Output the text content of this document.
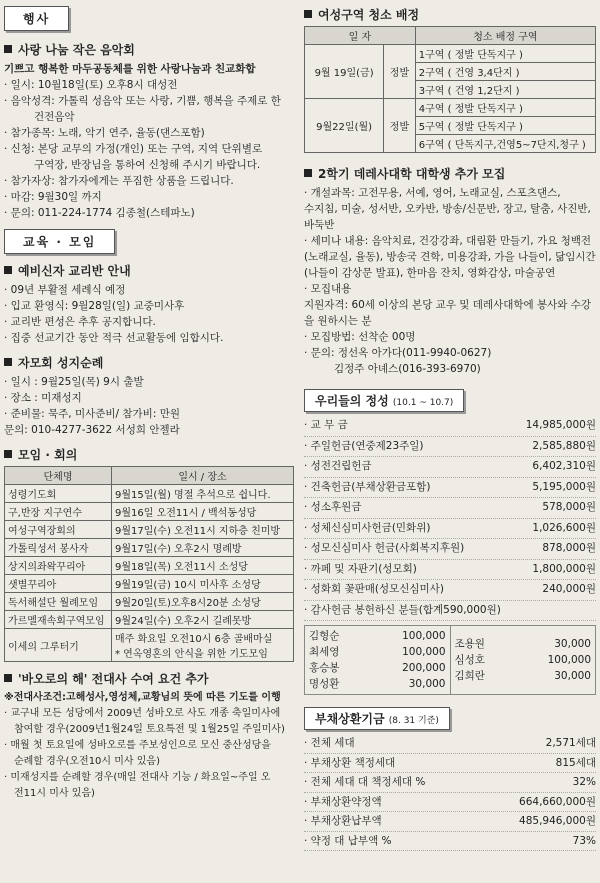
행사
사랑 나눔 작은 음악회
기쁘고 행복한 마두공동체를 위한 사랑나눔과 친교화합
· 일시: 10월18일(토) 오후8시 대성전
· 음악성격: 가톨릭 성음악 또는 사랑, 기쁨, 행복을 주제로 한
건전음악
· 참가종목: 노래, 악기 연주, 율동(댄스포함)
· 신청: 본당 교무의 가정(개인) 또는 구역, 지역 단위별로
구역장, 반장님을 통하여 신청해 주시기 바랍니다.
· 참가자상: 참가자에게는 푸짐한 상품을 드립니다.
· 마감: 9월30일 까지
· 문의: 011-224-1774 김종철(스테파노)
교육 · 모임
예비신자 교리반 안내
· 09년 부활절 세례식 예정
· 입교 환영식: 9월28일(일) 교중미사후
· 교리반 편성은 추후 공지합니다.
· 집중 선교기간 동안 적극 선교활동에 임합시다.
자모회 성지순례
· 일시 : 9월25일(목) 9시 출발
· 장소 : 미재성지
· 준비물: 묵주, 미사준비/ 참가비: 만원
문의: 010-4277-3622 서성희 안젤라
모임 · 회의
단체명	일시 / 장소
성령기도회	9월15일(월) 명절 추석으로 쉽니다.
구,반장 지구연수	9월16일 오전11시 / 백석동성당
여성구역장회의	9월17일(수) 오전11시 지하층 친미방
가톨릭성서 봉사자	9월17일(수) 오후2시 명례방
상지의좌왁꾸리아	9월18일(목) 오전11시 소성당
샛별꾸리아	9월19일(금) 10시 미사후 소성당
독서해설단 월례모임	9월20일(토)오후8시20분 소성당
가르멜재속회구역모임	9월24일(수) 오후2시 길례못방
이세의 그루터기	매주 화요일 오전10시 6층 골배마실
* 연옥영혼의 안식을 위한 기도모임
'바오로의 해' 전대사 수여 요건 추가
※전대사조건:고해성사,영성체,교황님의 뜻에 따른 기도를 이행
· 교구내 모든 성당에서 2009년 성바오로 사도 개종 축일미사에
참여할 경우(2009년1월24일 토요특전 및 1월25일 주일미사)
· 매월 첫 토요일에 성바오로를 주보성인으로 모신 중산성당을
순례할 경우(오전10시 미사 있음)
· 미재성지를 순례할 경우(매일 전대사 기능 / 화요일~주일 오
전11시 미사 있음)
여성구역 청소 배정
일 자		청소 배정 구역
9월 19일(금)	정발	1구역 ( 정발 단독지구 )
		2구역 ( 건영 3,4단지 )
		3구역 ( 건영 1,2단지 )
9월22일(월)	정발	4구역 ( 정발 단독지구 )
		5구역 ( 정발 단독지구 )
		6구역 ( 단독지구,건영5~7단지,청구 )
2학기 데레사대학 대학생 추가 모집
· 개설과목: 고전무용, 서예, 영어, 노래교실, 스포츠댄스,
수지침, 미술, 성서반, 오카반, 방송/신문반, 장고, 탈춤, 사진반,
바둑반
· 세미나 내용: 음악치료, 건강강좌, 대림환 만들기, 가요 청백전
(노래교실, 율동), 방송국 견학, 미용강좌, 가을 나들이, 닮임시간
(나들이 감상문 발표), 한마음 잔치, 영화감상, 마술공연
· 모집내용
지원자격: 60세 이상의 본당 교우 및 데레사대학에 봉사와 수강
을 원하시는 분
· 모집방법: 선착순 00명
· 문의: 정선옥 아가다(011-9940-0627)
김정주 아녜스(016-393-6970)
우리들의 정성 (10.1 ~ 10.7)
· 교 무 금	14,985,000원
· 주일헌금(연중제23주일)	2,585,880원
· 성전건립헌금	6,402,310원
· 건축헌금(부채상환금포함)	5,195,000원
· 성소후원금	578,000원
· 성체신심미사헌금(민화위)	1,026,600원
· 성모신심미사 헌금(사회복지후원)	878,000원
· 까페 및 자판기(성모회)	1,800,000원
· 성화회 꽃판매(성모신심미사)	240,000원
· 감사헌금 봉헌하신 분들(합계590,000원)
김형순	100,000
최세영	100,000
홍승봉	200,000
명성환	30,000
조용원	30,000
심성호	100,000
김희란	30,000
부채상환기금 (8. 31 기준)
· 전체 세대	2,571세대
· 부채상환 책정세대	815세대
· 전체 세대 대 책정세대 %	32%
· 부채상환약정액	664,660,000원
· 부채상환납부액	485,946,000원
· 약정 대 납부액 %	73%
